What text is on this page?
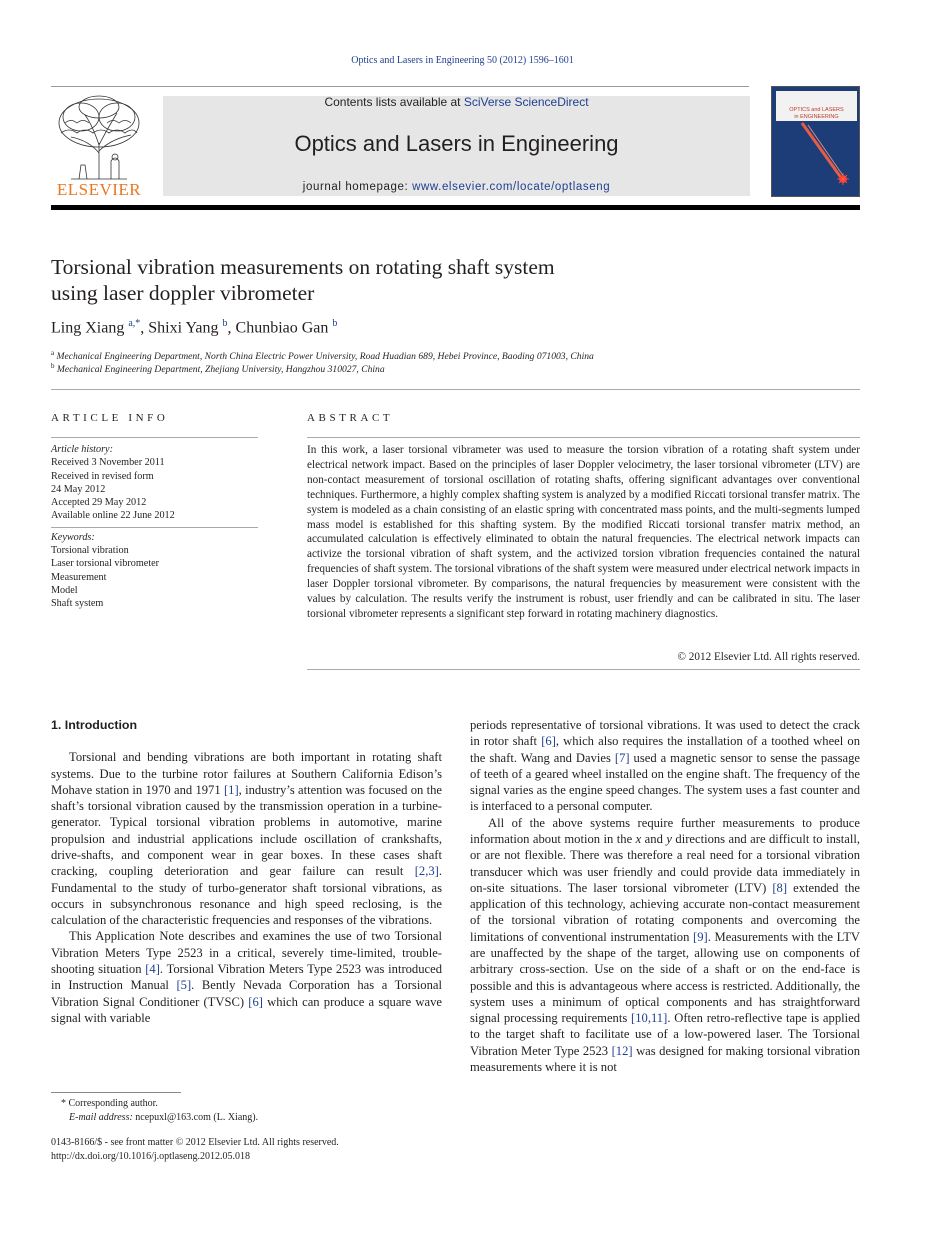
Optics and Lasers in Engineering 50 (2012) 1596–1601
ELSEVIER
Contents lists available at SciVerse ScienceDirect
Optics and Lasers in Engineering
journal homepage: www.elsevier.com/locate/optlaseng
OPTICS and LASERS
in ENGINEERING
Torsional vibration measurements on rotating shaft system
using laser doppler vibrometer
Ling Xiang $^{a,*}$, Shixi Yang $^b$, Chunbiao Gan $^b$
$^a$ Mechanical Engineering Department, North China Electric Power University, Road Huadian 689, Hebei Province, Baoding 071003, China
$^b$ Mechanical Engineering Department, Zhejiang University, Hangzhou 310027, China
ARTICLE INFO	ABSTRACT

Article history:

Received 3 November 2011

Received in revised form

24 May 2012

Accepted 29 May 2012

Available online 22 June 2012

Keywords:

Torsional vibration

Laser torsional vibrometer

Measurement

Model

Shaft system

In this work, a laser torsional vibrameter was used to measure the torsion vibration of a rotating shaft system under electrical network impact. Based on the principles of laser Doppler velocimetry, the laser torsional vibrometer (LTV) are non-contact measurement of torsional oscillation of rotating shafts, offering significant advantages over conventional techniques. Furthermore, a highly complex shafting system is analyzed by a modified Riccati torsional transfer matrix. The system is modeled as a chain consisting of an elastic spring with concentrated mass points, and the multi-segments lumped mass model is established for this shafting system. By the modified Riccati torsional transfer matrix method, an accumulated calculation is effectively eliminated to obtain the natural frequencies. The electrical network impacts can activize the torsional vibration of shaft system, and the activized torsion vibration frequencies contained the natural frequencies of shaft system. The torsional vibrations of the shaft system were measured under electrical network impacts in laser Doppler torsional vibrometer. By comparisons, the natural frequencies by measurement were consistent with the values by calculation. The results verify the instrument is robust, user friendly and can be calibrated in situ. The laser torsional vibrometer represents a significant step forward in rotating machinery diagnostics.

© 2012 Elsevier Ltd. All rights reserved.
1. Introduction

Torsional and bending vibrations are both important in rotating shaft systems. Due to the turbine rotor failures at Southern California Edison’s Mohave station in 1970 and 1971 [1], industry’s attention was focused on the shaft’s torsional vibration caused by the transmission operation in a turbine-generator. Typical torsional vibration problems in automotive, marine propulsion and industrial applications include oscillation of crankshafts, drive-shafts, and component wear in gear boxes. In these cases shaft cracking, coupling deterioration and gear failure can result [2,3]. Fundamental to the study of turbo-generator shaft torsional vibrations, as occurs in subsynchronous resonance and high speed reclosing, is the calculation of the characteristic frequencies and responses of the vibrations.

This Application Note describes and examines the use of two Torsional Vibration Meters Type 2523 in a critical, severely time-limited, trouble-shooting situation [4]. Torsional Vibration Meters Type 2523 was introduced in Instruction Manual [5]. Bently Nevada Corporation has a Torsional Vibration Signal Conditioner (TVSC) [6] which can produce a square wave signal with variable

periods representative of torsional vibrations. It was used to detect the crack in rotor shaft [6], which also requires the installation of a toothed wheel on the shaft. Wang and Davies [7] used a magnetic sensor to sense the passage of teeth of a geared wheel installed on the engine shaft. The frequency of the signal varies as the engine speed changes. The system uses a fast counter and is interfaced to a personal computer.

All of the above systems require further measurements to produce information about motion in the x and y directions and are difficult to install, or are not flexible. There was therefore a real need for a torsional vibration transducer which was user friendly and could provide data immediately in on-site situations. The laser torsional vibrometer (LTV) [8] extended the application of this technology, achieving accurate non-contact measurement of the torsional vibration of rotating components and overcoming the limitations of conventional instrumentation [9]. Measurements with the LTV are unaffected by the shape of the target, allowing use on components of arbitrary cross-section. Use on the side of a shaft or on the end-face is possible and this is advantageous where access is restricted. Additionally, the system uses a minimum of optical components and has straightforward signal processing requirements [10,11]. Often retro-reflective tape is applied to the target shaft to facilitate use of a low-powered laser. The Torsional Vibration Meter Type 2523 [12] was designed for making torsional vibration measurements where it is not

* Corresponding author.
E-mail address: ncepuxl@163.com (L. Xiang).
0143-8166/$ - see front matter © 2012 Elsevier Ltd. All rights reserved.
http://dx.doi.org/10.1016/j.optlaseng.2012.05.018
